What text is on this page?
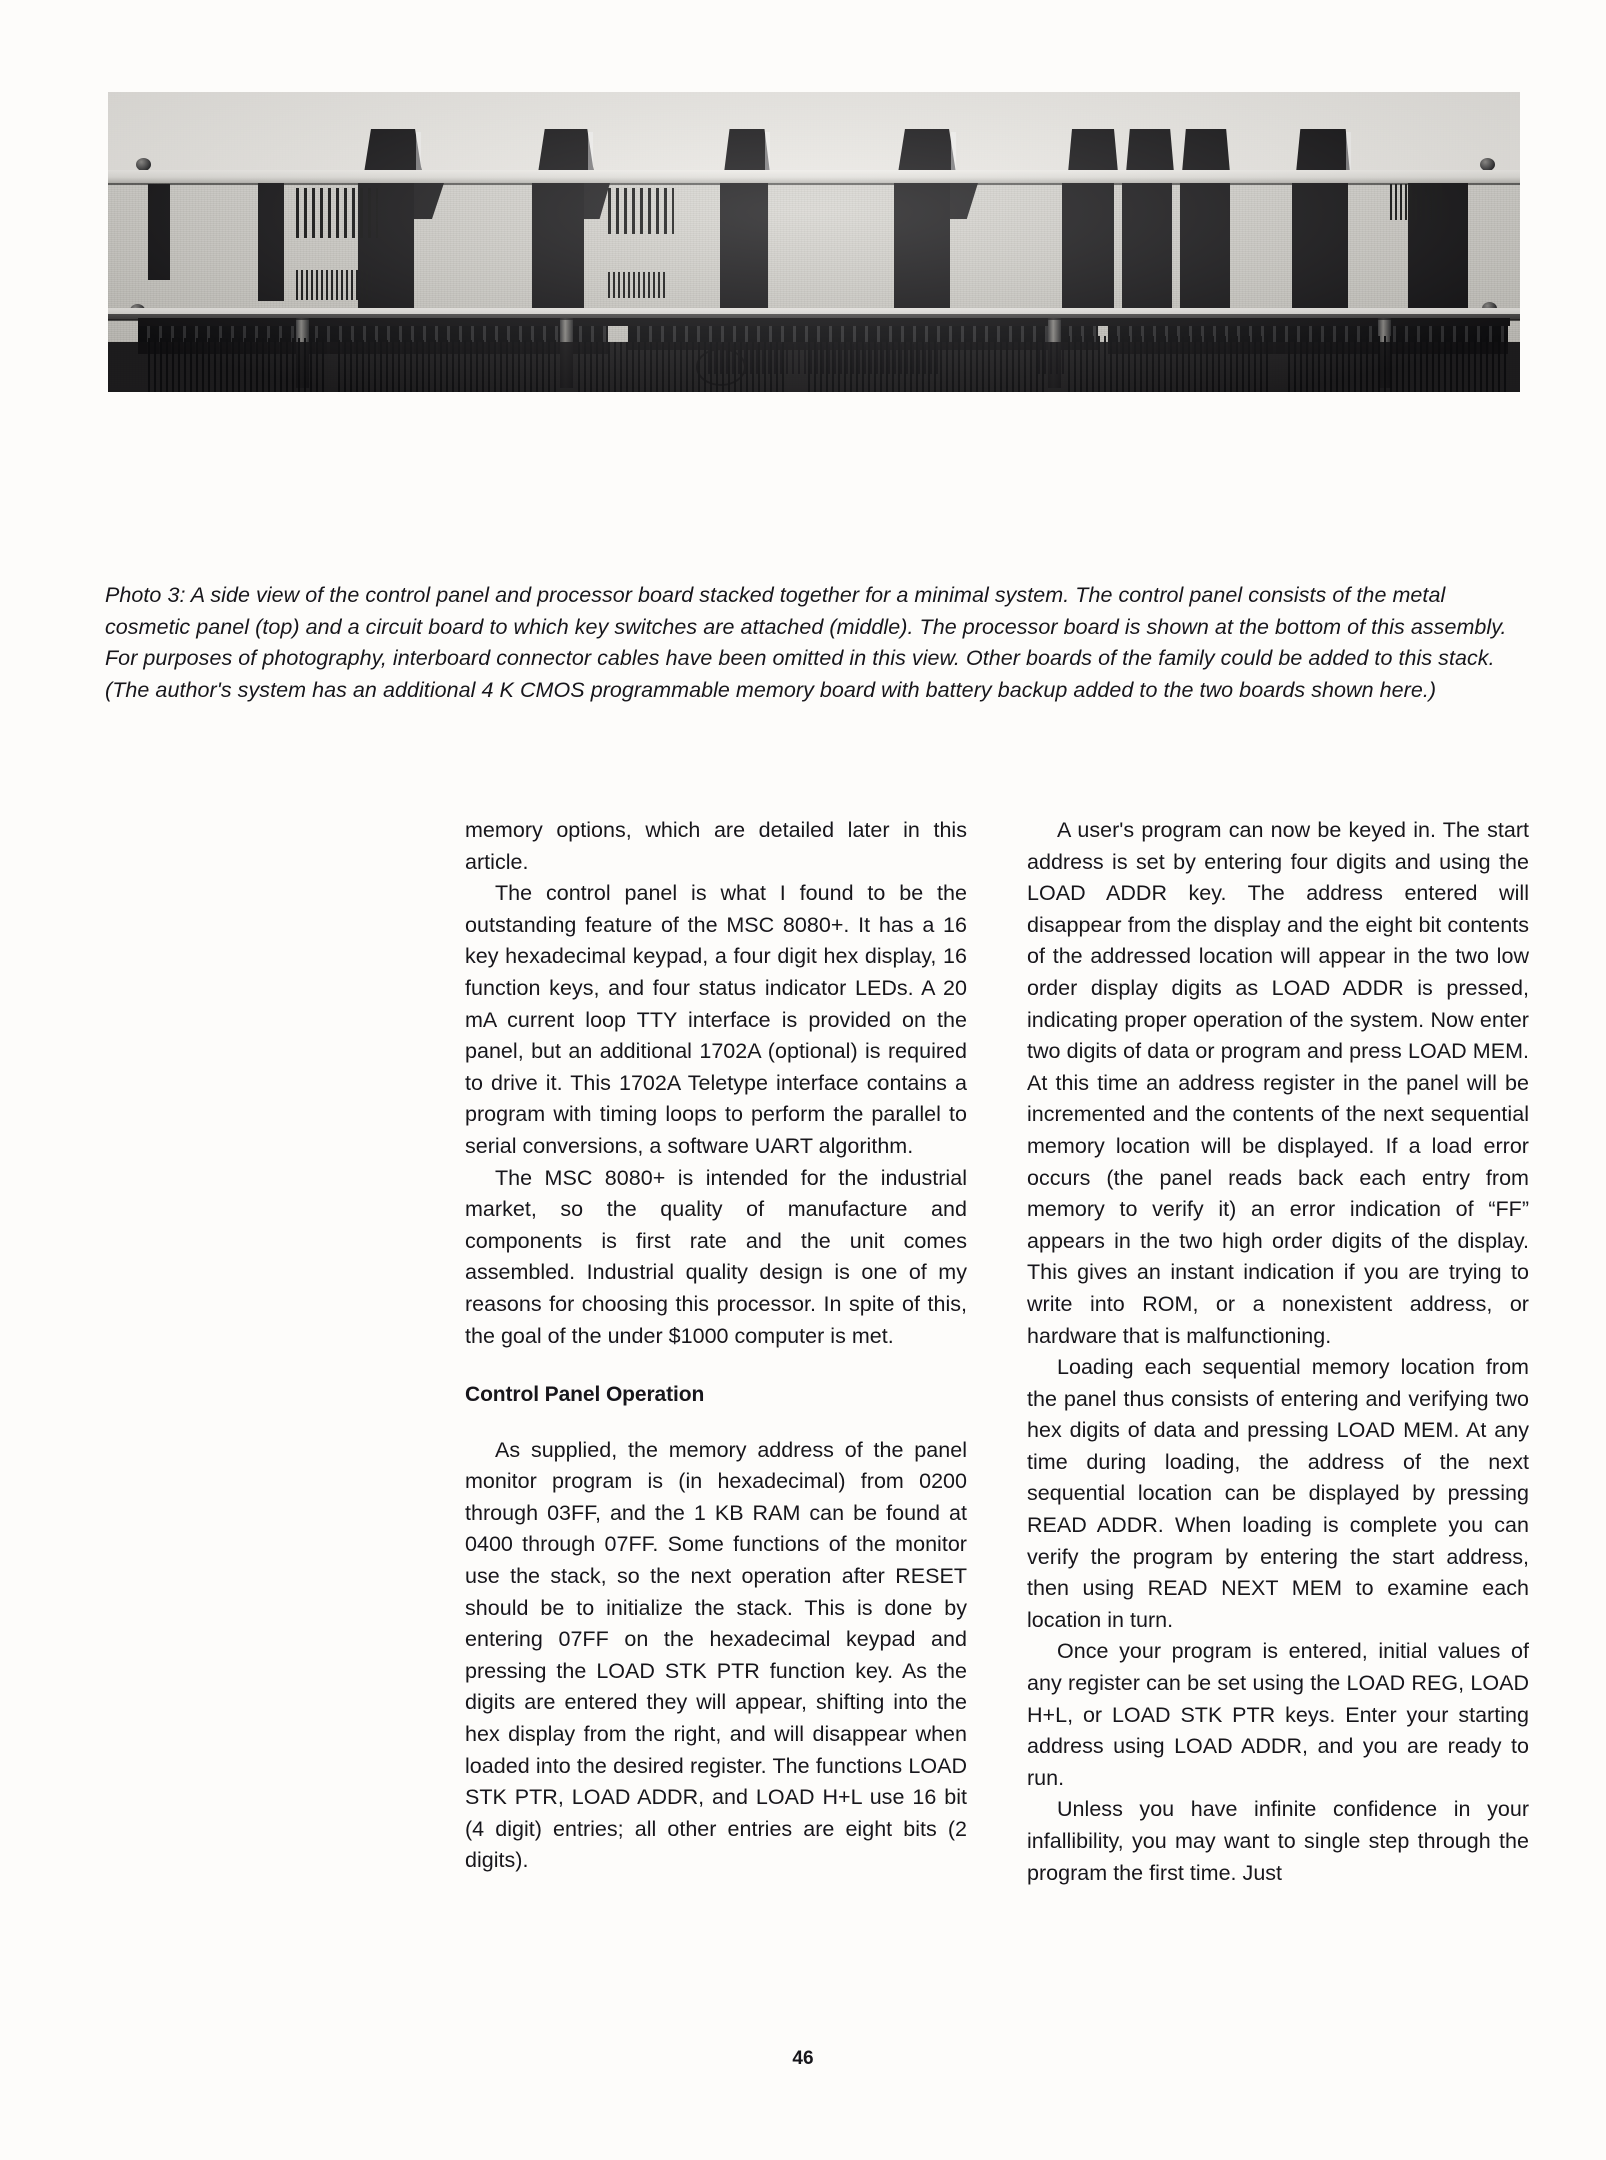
Photo 3: A side view of the control panel and processor board stacked together for a minimal system. The control panel consists of the metal cosmetic panel (top) and a circuit board to which key switches are attached (middle). The processor board is shown at the bottom of this assembly. For purposes of photography, interboard connector cables have been omitted in this view. Other boards of the family could be added to this stack. (The author's system has an additional 4 K CMOS programmable memory board with battery backup added to the two boards shown here.)

memory options, which are detailed later in this article.

The control panel is what I found to be the outstanding feature of the MSC 8080+. It has a 16 key hexadecimal keypad, a four digit hex display, 16 function keys, and four status indicator LEDs. A 20 mA current loop TTY interface is provided on the panel, but an additional 1702A (optional) is required to drive it. This 1702A Teletype interface contains a program with timing loops to perform the parallel to serial conversions, a software UART algorithm.

The MSC 8080+ is intended for the industrial market, so the quality of manufacture and components is first rate and the unit comes assembled. Industrial quality design is one of my reasons for choosing this processor. In spite of this, the goal of the under $1000 computer is met.

Control Panel Operation

As supplied, the memory address of the panel monitor program is (in hexadecimal) from 0200 through 03FF, and the 1 KB RAM can be found at 0400 through 07FF. Some functions of the monitor use the stack, so the next operation after RESET should be to initialize the stack. This is done by entering 07FF on the hexadecimal keypad and pressing the LOAD STK PTR function key. As the digits are entered they will appear, shifting into the hex display from the right, and will disappear when loaded into the desired register. The functions LOAD STK PTR, LOAD ADDR, and LOAD H+L use 16 bit (4 digit) entries; all other entries are eight bits (2 digits).

A user's program can now be keyed in. The start address is set by entering four digits and using the LOAD ADDR key. The address entered will disappear from the display and the eight bit contents of the addressed location will appear in the two low order display digits as LOAD ADDR is pressed, indicating proper operation of the system. Now enter two digits of data or program and press LOAD MEM. At this time an address register in the panel will be incremented and the contents of the next sequential memory location will be displayed. If a load error occurs (the panel reads back each entry from memory to verify it) an error indication of “FF” appears in the two high order digits of the display. This gives an instant indication if you are trying to write into ROM, or a nonexistent address, or hardware that is malfunctioning.

Loading each sequential memory location from the panel thus consists of entering and verifying two hex digits of data and pressing LOAD MEM. At any time during loading, the address of the next sequential location can be displayed by pressing READ ADDR. When loading is complete you can verify the program by entering the start address, then using READ NEXT MEM to examine each location in turn.

Once your program is entered, initial values of any register can be set using the LOAD REG, LOAD H+L, or LOAD STK PTR keys. Enter your starting address using LOAD ADDR, and you are ready to run.

Unless you have infinite confidence in your infallibility, you may want to single step through the program the first time. Just

46
